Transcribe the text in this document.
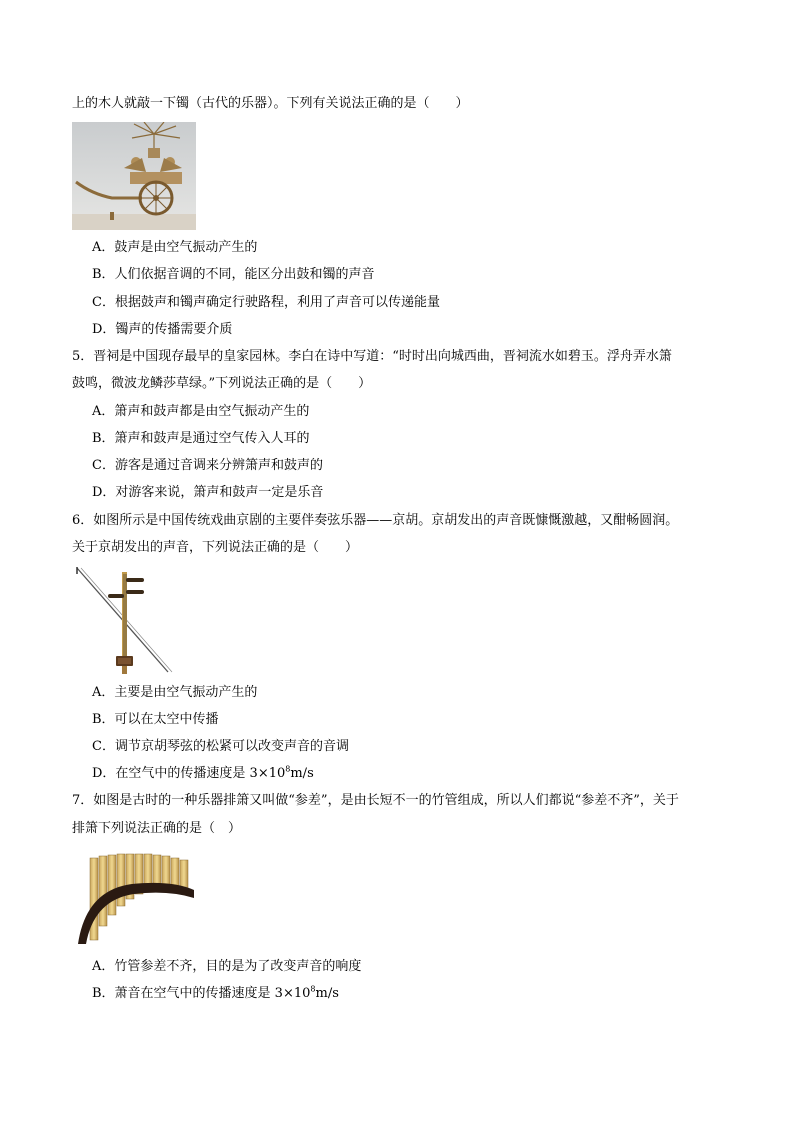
上的木人就敲一下镯（古代的乐器）。下列有关说法正确的是（　　）
A．鼓声是由空气振动产生的
B．人们依据音调的不同，能区分出鼓和镯的声音
C．根据鼓声和镯声确定行驶路程，利用了声音可以传递能量
D．镯声的传播需要介质
5．晋祠是中国现存最早的皇家园林。李白在诗中写道：“时时出向城西曲，晋祠流水如碧玉。浮舟弄水箫
鼓鸣，微波龙鳞莎草绿。”下列说法正确的是（　　）
A．箫声和鼓声都是由空气振动产生的
B．箫声和鼓声是通过空气传入人耳的
C．游客是通过音调来分辨箫声和鼓声的
D．对游客来说，箫声和鼓声一定是乐音
6．如图所示是中国传统戏曲京剧的主要伴奏弦乐器——京胡。京胡发出的声音既慷慨激越，又酣畅圆润。
关于京胡发出的声音，下列说法正确的是（　　）
A．主要是由空气振动产生的
B．可以在太空中传播
C．调节京胡琴弦的松紧可以改变声音的音调
D．在空气中的传播速度是 $3\times 10^8m/s$
7．如图是古时的一种乐器排箫又叫做“参差”，是由长短不一的竹管组成，所以人们都说“参差不齐”，关于
排箫下列说法正确的是（　）
A．竹管参差不齐，目的是为了改变声音的响度
B．萧音在空气中的传播速度是 $3\times 10^8m/s$
